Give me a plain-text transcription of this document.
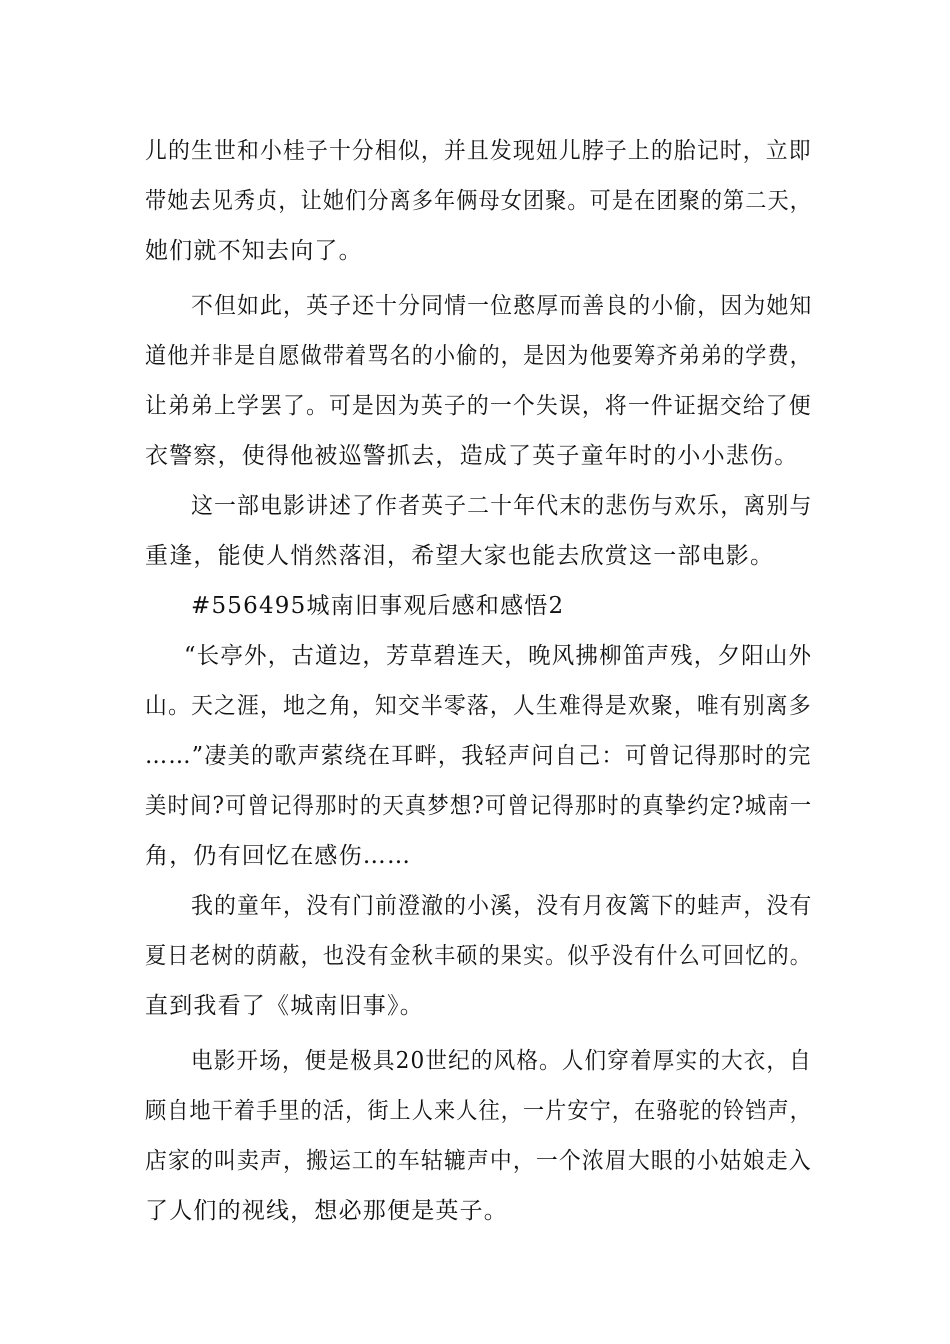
儿的生世和小桂子十分相似，并且发现妞儿脖子上的胎记时，立即
带她去见秀贞，让她们分离多年俩母女团聚。可是在团聚的第二天，
她们就不知去向了。
不但如此，英子还十分同情一位憨厚而善良的小偷，因为她知
道他并非是自愿做带着骂名的小偷的，是因为他要筹齐弟弟的学费，
让弟弟上学罢了。可是因为英子的一个失误，将一件证据交给了便
衣警察，使得他被巡警抓去，造成了英子童年时的小小悲伤。
这一部电影讲述了作者英子二十年代末的悲伤与欢乐，离别与
重逢，能使人悄然落泪，希望大家也能去欣赏这一部电影。
#556495城南旧事观后感和感悟2
“长亭外，古道边，芳草碧连天，晚风拂柳笛声残，夕阳山外
山。天之涯，地之角，知交半零落，人生难得是欢聚，唯有别离多
……”凄美的歌声萦绕在耳畔，我轻声问自己：可曾记得那时的完
美时间?可曾记得那时的天真梦想?可曾记得那时的真挚约定?城南一
角，仍有回忆在感伤……
我的童年，没有门前澄澈的小溪，没有月夜篱下的蛙声，没有
夏日老树的荫蔽，也没有金秋丰硕的果实。似乎没有什么可回忆的。
直到我看了《城南旧事》。
电影开场，便是极具20世纪的风格。人们穿着厚实的大衣，自
顾自地干着手里的活，街上人来人往，一片安宁，在骆驼的铃铛声，
店家的叫卖声，搬运工的车轱辘声中，一个浓眉大眼的小姑娘走入
了人们的视线，想必那便是英子。
